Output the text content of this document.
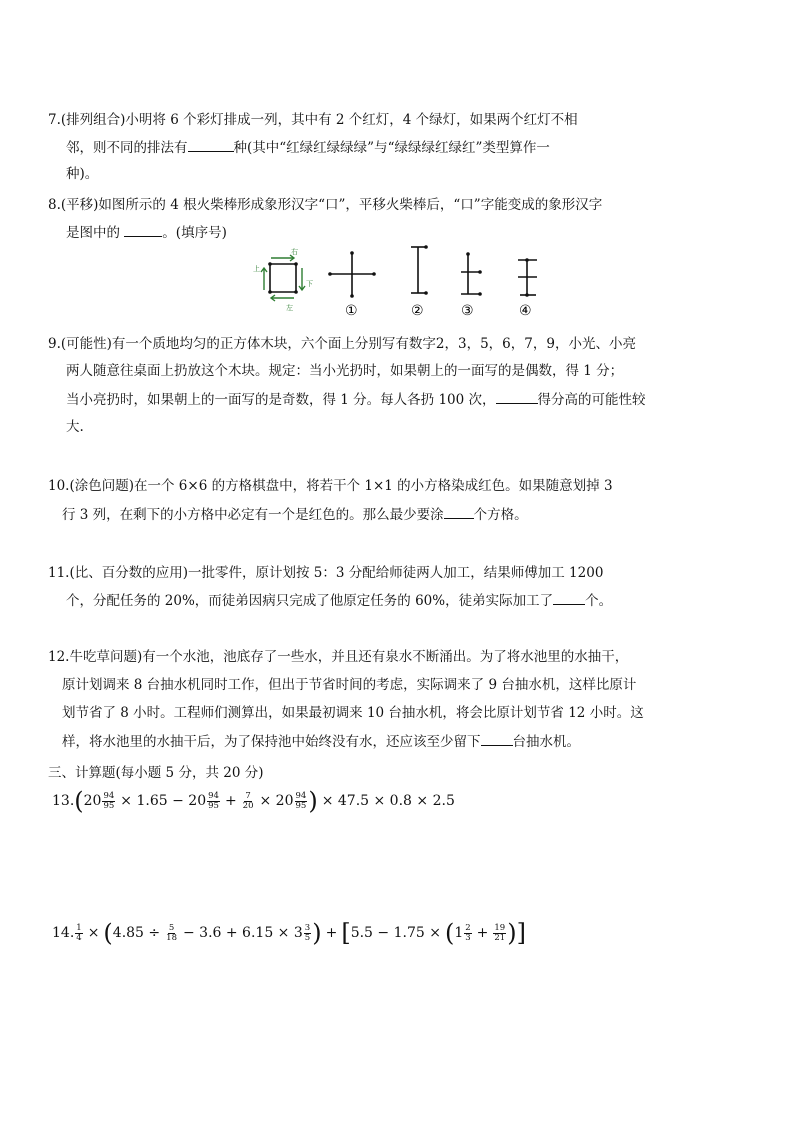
7.(排列组合)小明将 6 个彩灯排成一列，其中有 2 个红灯，4 个绿灯，如果两个红灯不相
邻，则不同的排法有	种(其中“红绿红绿绿绿”与“绿绿绿红绿红”类型算作一
种)。
8.(平移)如图所示的 4 根火柴棒形成象形汉字“口”，平移火柴棒后，“口”字能变成的象形汉字
是图中的	。(填序号)
上
右
下
左	①	②	③	④
9.(可能性)有一个质地均匀的正方体木块，六个面上分别写有数字2，3，5，6，7，9，小光、小亮
两人随意往桌面上扔放这个木块。规定：当小光扔时，如果朝上的一面写的是偶数，得 1 分；
当小亮扔时，如果朝上的一面写的是奇数，得 1 分。每人各扔 100 次，	得分高的可能性较
大.
10.(涂色问题)在一个 6×6 的方格棋盘中，将若干个 1×1 的小方格染成红色。如果随意划掉 3
行 3 列，在剩下的小方格中必定有一个是红色的。那么最少要涂 个方格。
11.(比、百分数的应用)一批零件，原计划按 5：3 分配给师徒两人加工，结果师傅加工 1200
个，分配任务的 20%，而徒弟因病只完成了他原定任务的 60%，徒弟实际加工了 个。
12.牛吃草问题)有一个水池，池底存了一些水，并且还有泉水不断涌出。为了将水池里的水抽干，
原计划调来 8 台抽水机同时工作，但出于节省时间的考虑，实际调来了 9 台抽水机，这样比原计
划节省了 8 小时。工程师们测算出，如果最初调来 10 台抽水机，将会比原计划节省 12 小时。这
样，将水池里的水抽干后，为了保持池中始终没有水，还应该至少留下 台抽水机。
三、计算题(每小题 5 分，共 20 分)
13. ( $20 \frac{94}{95} \times 1.65 - 20 \frac{94}{95} + \frac{7}{20} \times 20 \frac{94}{95}$ ) × 47.5 × 0.8 × 2.5
14. $\frac{1}{4}$ × ( $4.85 \div \frac{5}{18} - 3.6 + 6.15 \times 3 \frac{3}{5}$ ) + [ 5.5 − 1.75 × ( $1 \frac{2}{3} + \frac{19}{21}$ ) ]
